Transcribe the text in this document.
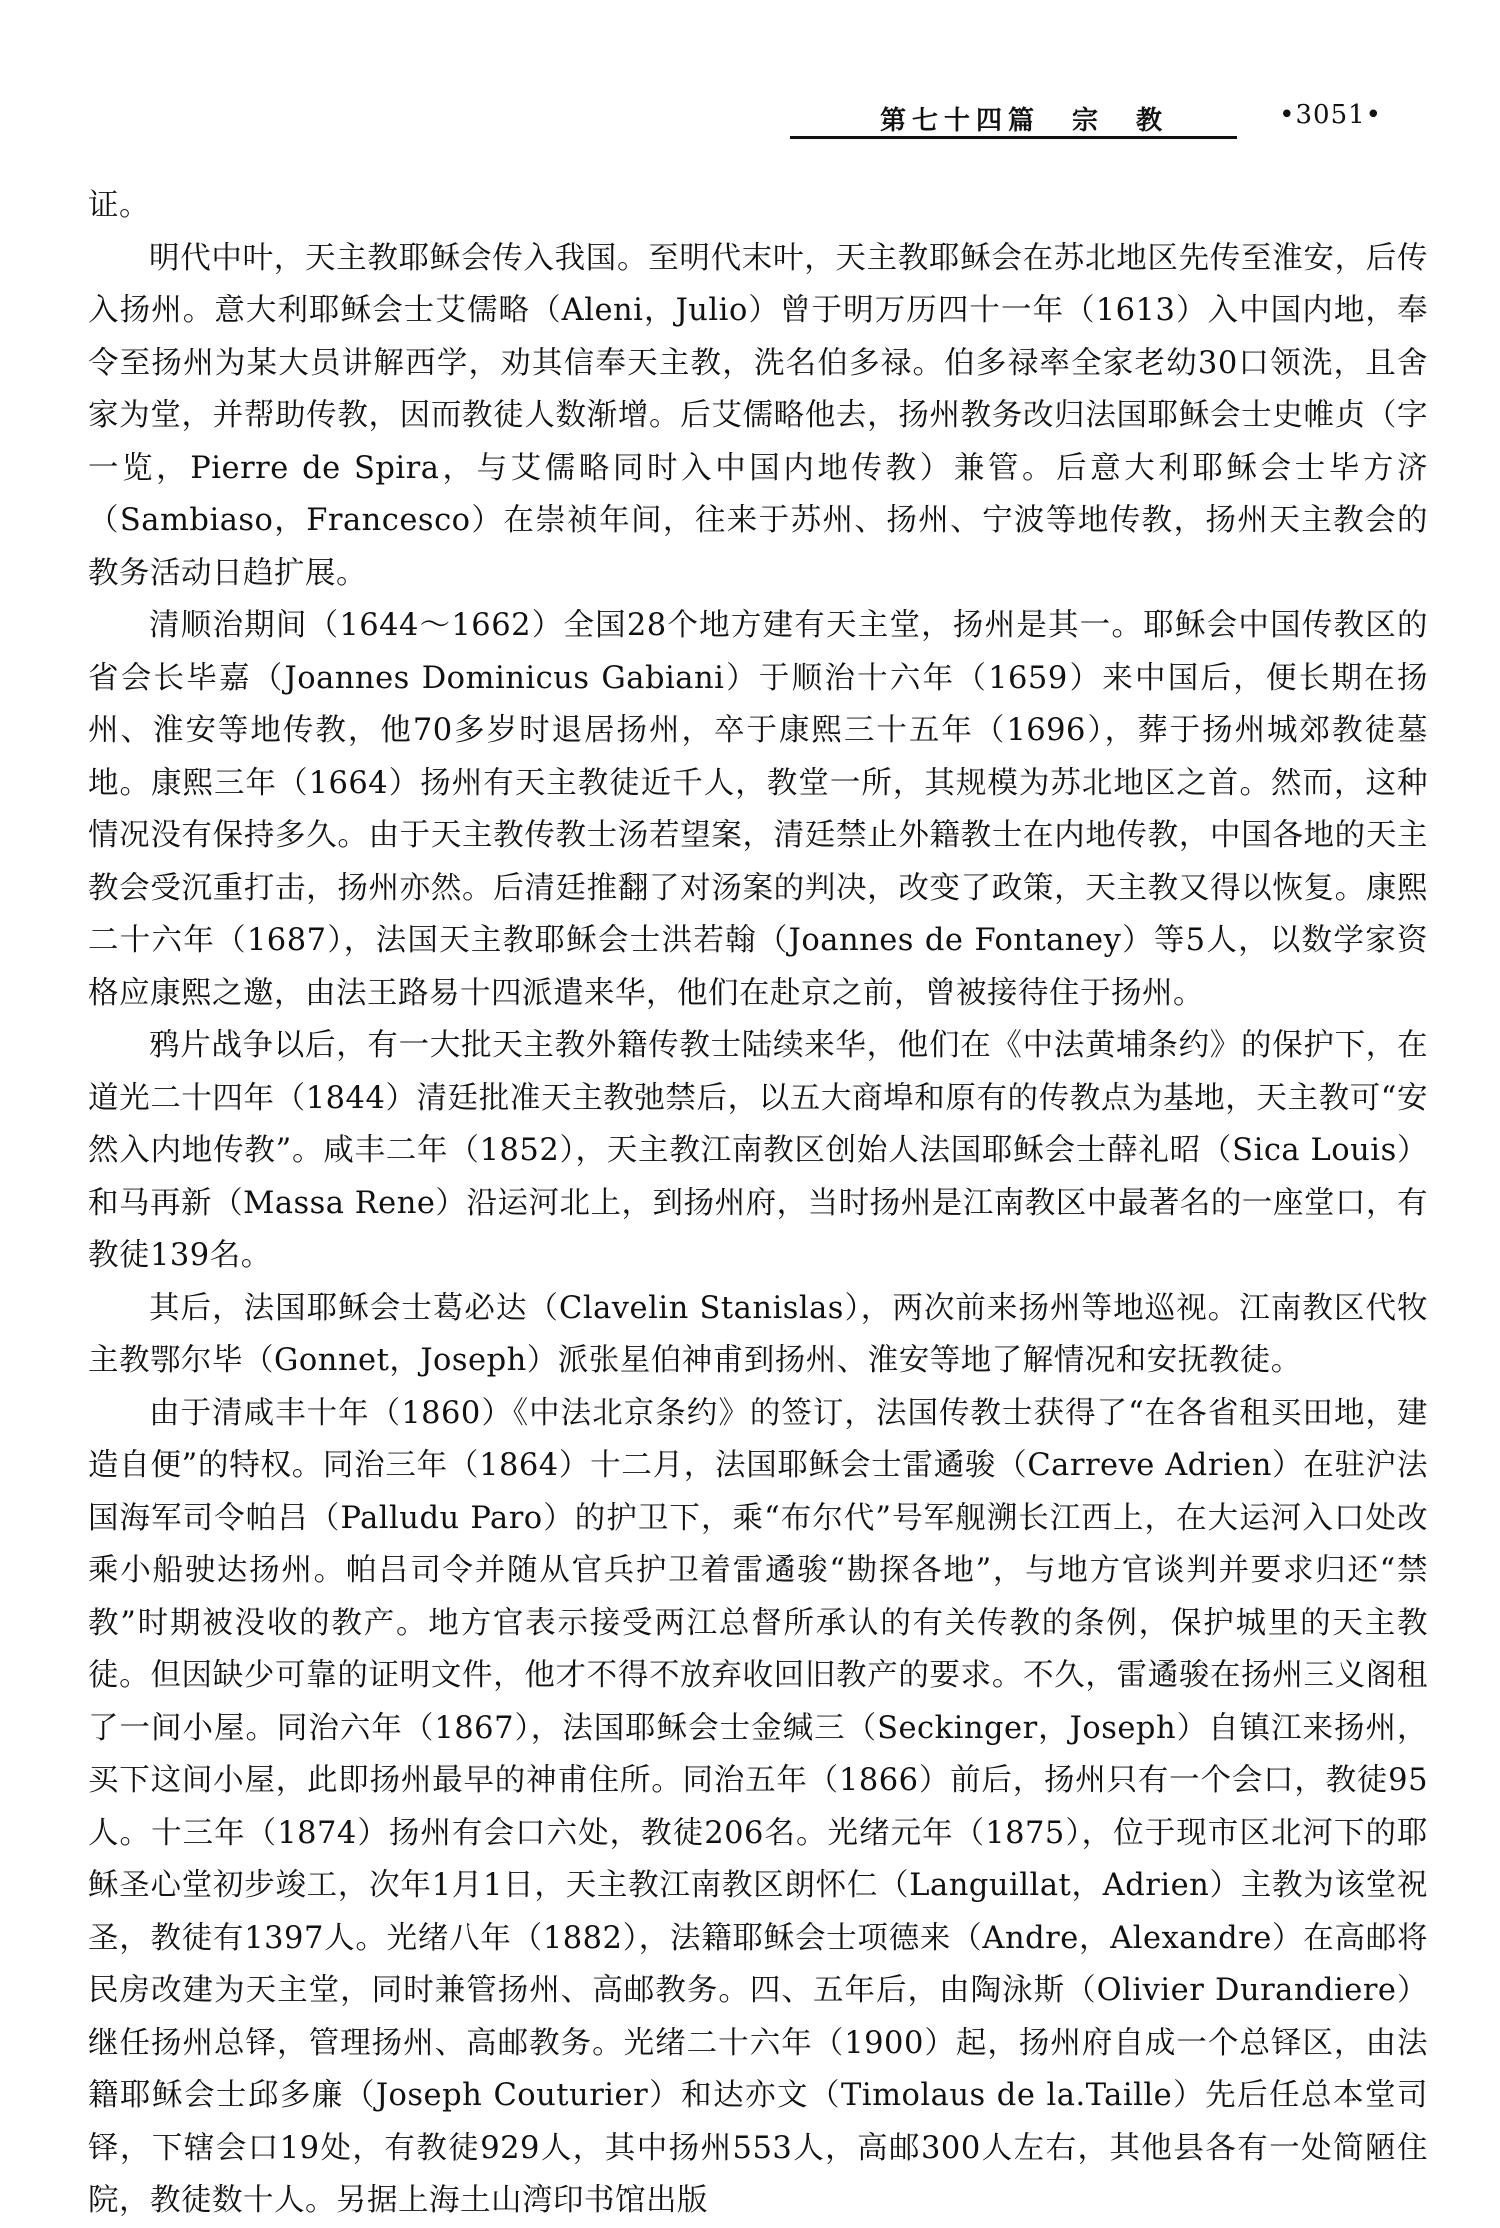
第七十四篇　宗　教	•3051•

证。

明代中叶，天主教耶稣会传入我国。至明代末叶，天主教耶稣会在苏北地区先传至淮安，后传入扬州。意大利耶稣会士艾儒略（Aleni，Julio）曾于明万历四十一年（1613）入中国内地，奉令至扬州为某大员讲解西学，劝其信奉天主教，洗名伯多禄。伯多禄率全家老幼30口领洗，且舍家为堂，并帮助传教，因而教徒人数渐增。后艾儒略他去，扬州教务改归法国耶稣会士史帷贞（字一览，Pierre de Spira，与艾儒略同时入中国内地传教）兼管。后意大利耶稣会士毕方济（Sambiaso，Francesco）在崇祯年间，往来于苏州、扬州、宁波等地传教，扬州天主教会的教务活动日趋扩展。

清顺治期间（1644～1662）全国28个地方建有天主堂，扬州是其一。耶稣会中国传教区的省会长毕嘉（Joannes Dominicus Gabiani）于顺治十六年（1659）来中国后，便长期在扬州、淮安等地传教，他70多岁时退居扬州，卒于康熙三十五年（1696），葬于扬州城郊教徒墓地。康熙三年（1664）扬州有天主教徒近千人，教堂一所，其规模为苏北地区之首。然而，这种情况没有保持多久。由于天主教传教士汤若望案，清廷禁止外籍教士在内地传教，中国各地的天主教会受沉重打击，扬州亦然。后清廷推翻了对汤案的判决，改变了政策，天主教又得以恢复。康熙二十六年（1687），法国天主教耶稣会士洪若翰（Joannes de Fontaney）等5人，以数学家资格应康熙之邀，由法王路易十四派遣来华，他们在赴京之前，曾被接待住于扬州。

鸦片战争以后，有一大批天主教外籍传教士陆续来华，他们在《中法黄埔条约》的保护下，在道光二十四年（1844）清廷批准天主教弛禁后，以五大商埠和原有的传教点为基地，天主教可“安然入内地传教”。咸丰二年（1852），天主教江南教区创始人法国耶稣会士薛礼昭（Sica Louis）和马再新（Massa Rene）沿运河北上，到扬州府，当时扬州是江南教区中最著名的一座堂口，有教徒139名。

其后，法国耶稣会士葛必达（Clavelin Stanislas），两次前来扬州等地巡视。江南教区代牧主教鄂尔毕（Gonnet，Joseph）派张星伯神甫到扬州、淮安等地了解情况和安抚教徒。

由于清咸丰十年（1860）《中法北京条约》的签订，法国传教士获得了“在各省租买田地，建造自便”的特权。同治三年（1864）十二月，法国耶稣会士雷遹骏（Carreve Adrien）在驻沪法国海军司令帕吕（Palludu Paro）的护卫下，乘“布尔代”号军舰溯长江西上，在大运河入口处改乘小船驶达扬州。帕吕司令并随从官兵护卫着雷遹骏“勘探各地”，与地方官谈判并要求归还“禁教”时期被没收的教产。地方官表示接受两江总督所承认的有关传教的条例，保护城里的天主教徒。但因缺少可靠的证明文件，他才不得不放弃收回旧教产的要求。不久，雷遹骏在扬州三义阁租了一间小屋。同治六年（1867），法国耶稣会士金缄三（Seckinger，Joseph）自镇江来扬州，买下这间小屋，此即扬州最早的神甫住所。同治五年（1866）前后，扬州只有一个会口，教徒95人。十三年（1874）扬州有会口六处，教徒206名。光绪元年（1875），位于现市区北河下的耶稣圣心堂初步竣工，次年1月1日，天主教江南教区朗怀仁（Languillat，Adrien）主教为该堂祝圣，教徒有1397人。光绪八年（1882），法籍耶稣会士项德来（Andre，Alexandre）在高邮将民房改建为天主堂，同时兼管扬州、高邮教务。四、五年后，由陶泳斯（Olivier Durandiere）继任扬州总铎，管理扬州、高邮教务。光绪二十六年（1900）起，扬州府自成一个总铎区，由法籍耶稣会士邱多廉（Joseph Couturier）和达亦文（Timolaus de la.Taille）先后任总本堂司铎，下辖会口19处，有教徒929人，其中扬州553人，高邮300人左右，其他县各有一处简陋住院，教徒数十人。另据上海土山湾印书馆出版
